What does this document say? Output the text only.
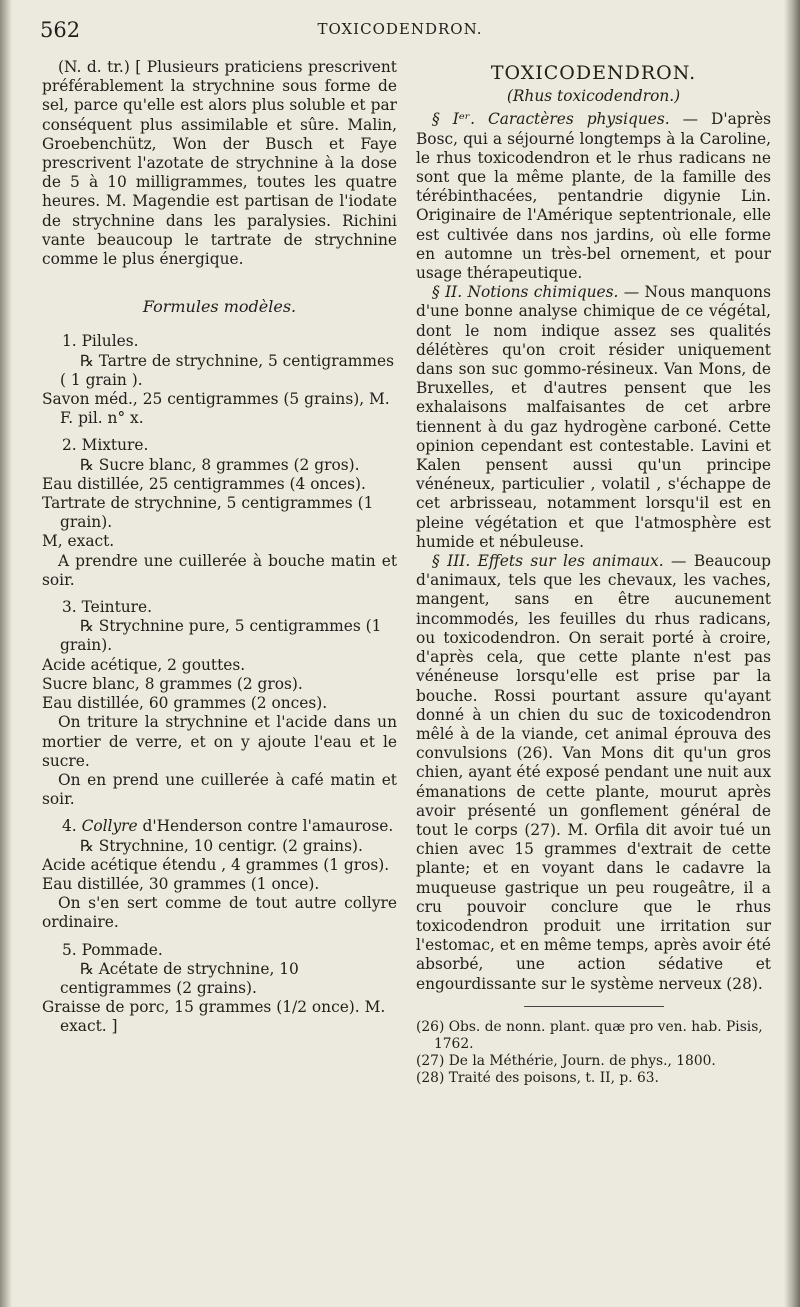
562	TOXICODENDRON.

(N. d. tr.) [ Plusieurs praticiens prescrivent préférablement la strychnine sous forme de sel, parce qu'elle est alors plus soluble et par conséquent plus assimilable et sûre. Malin, Groebenchütz, Won der Busch et Faye prescrivent l'azotate de strychnine à la dose de 5 à 10 milligrammes, toutes les quatre heures. M. Magendie est partisan de l'iodate de strychnine dans les paralysies. Richini vante beaucoup le tartrate de strychnine comme le plus énergique.

Formules modèles.

1. Pilules.

℞ Tartre de strychnine, 5 centigrammes ( 1 grain ).

Savon méd., 25 centigrammes (5 grains), M. F. pil. n° x.

2. Mixture.

℞ Sucre blanc, 8 grammes (2 gros).

Eau distillée, 25 centigrammes (4 onces).

Tartrate de strychnine, 5 centigrammes (1 grain).

M, exact.

A prendre une cuillerée à bouche matin et soir.

3. Teinture.

℞ Strychnine pure, 5 centigrammes (1 grain).

Acide acétique, 2 gouttes.

Sucre blanc, 8 grammes (2 gros).

Eau distillée, 60 grammes (2 onces).

On triture la strychnine et l'acide dans un mortier de verre, et on y ajoute l'eau et le sucre.

On en prend une cuillerée à café matin et soir.

4. Collyre d'Henderson contre l'amaurose.

℞ Strychnine, 10 centigr. (2 grains).

Acide acétique étendu , 4 grammes (1 gros).

Eau distillée, 30 grammes (1 once).

On s'en sert comme de tout autre collyre ordinaire.

5. Pommade.

℞ Acétate de strychnine, 10 centigrammes (2 grains).

Graisse de porc, 15 grammes (1/2 once). M. exact. ]

TOXICODENDRON.

(Rhus toxicodendron.)

§ Iᵉʳ. Caractères physiques. — D'après Bosc, qui a séjourné longtemps à la Caroline, le rhus toxicodendron et le rhus radicans ne sont que la même plante, de la famille des térébinthacées, pentandrie digynie Lin. Originaire de l'Amérique septentrionale, elle est cultivée dans nos jardins, où elle forme en automne un très-bel ornement, et pour usage thérapeutique.

§ II. Notions chimiques. — Nous manquons d'une bonne analyse chimique de ce végétal, dont le nom indique assez ses qualités délétères qu'on croit résider uniquement dans son suc gommo-résineux. Van Mons, de Bruxelles, et d'autres pensent que les exhalaisons malfaisantes de cet arbre tiennent à du gaz hydrogène carboné. Cette opinion cependant est contestable. Lavini et Kalen pensent aussi qu'un principe vénéneux, particulier , volatil , s'échappe de cet arbrisseau, notamment lorsqu'il est en pleine végétation et que l'atmosphère est humide et nébuleuse.

§ III. Effets sur les animaux. — Beaucoup d'animaux, tels que les chevaux, les vaches, mangent, sans en être aucunement incommodés, les feuilles du rhus radicans, ou toxicodendron. On serait porté à croire, d'après cela, que cette plante n'est pas vénéneuse lorsqu'elle est prise par la bouche. Rossi pourtant assure qu'ayant donné à un chien du suc de toxicodendron mêlé à de la viande, cet animal éprouva des convulsions (26). Van Mons dit qu'un gros chien, ayant été exposé pendant une nuit aux émanations de cette plante, mourut après avoir présenté un gonflement général de tout le corps (27). M. Orfila dit avoir tué un chien avec 15 grammes d'extrait de cette plante; et en voyant dans le cadavre la muqueuse gastrique un peu rougeâtre, il a cru pouvoir conclure que le rhus toxicodendron produit une irritation sur l'estomac, et en même temps, après avoir été absorbé, une action sédative et engourdissante sur le système nerveux (28).

(26) Obs. de nonn. plant. quæ pro ven. hab. Pisis, 1762.

(27) De la Méthérie, Journ. de phys., 1800.

(28) Traité des poisons, t. II, p. 63.
